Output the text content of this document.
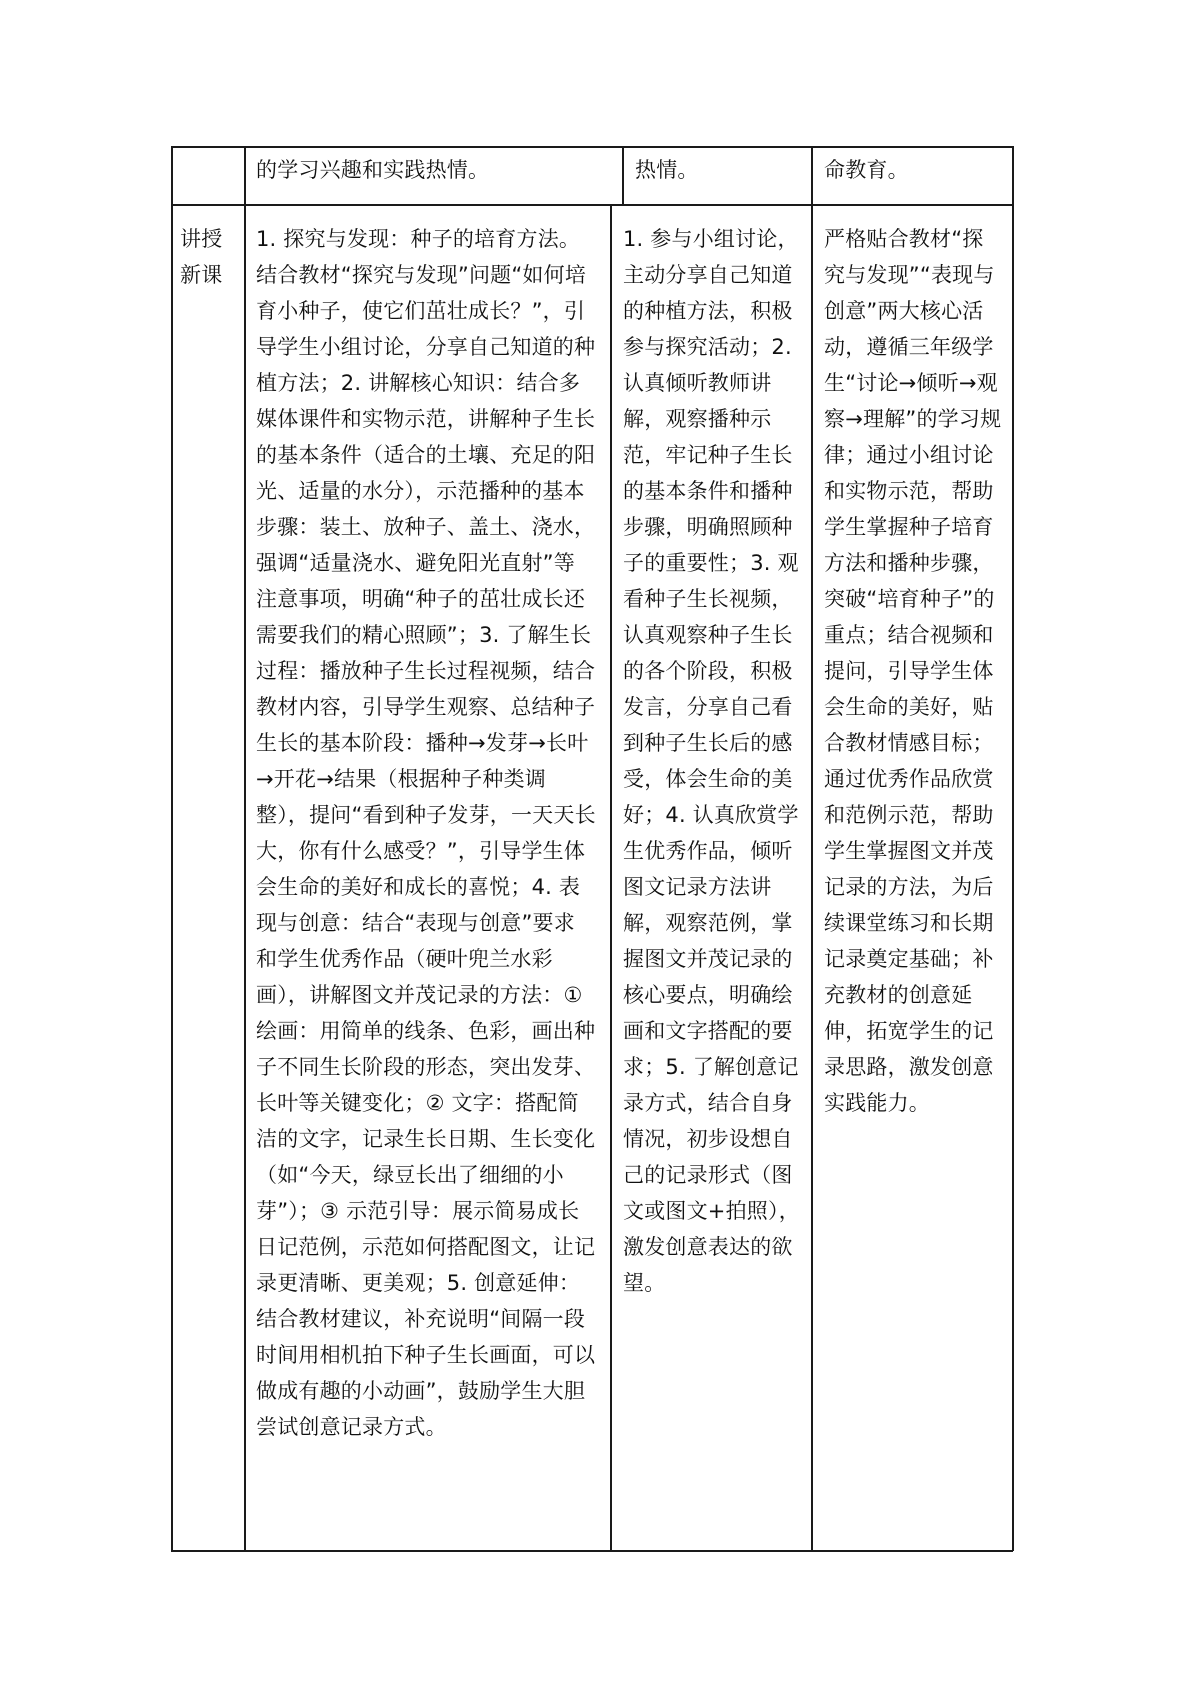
的学习兴趣和实践热情。	热情。	命教育。
讲授新课
1. 探究与发现：种子的培育方法。结合教材“探究与发现”问题“如何培育小种子，使它们茁壮成长？”，引导学生小组讨论，分享自己知道的种植方法；2. 讲解核心知识：结合多媒体课件和实物示范，讲解种子生长的基本条件（适合的土壤、充足的阳光、适量的水分），示范播种的基本步骤：装土、放种子、盖土、浇水，强调“适量浇水、避免阳光直射”等注意事项，明确“种子的茁壮成长还需要我们的精心照顾”；3. 了解生长过程：播放种子生长过程视频，结合教材内容，引导学生观察、总结种子生长的基本阶段：播种→发芽→长叶→开花→结果（根据种子种类调整），提问“看到种子发芽，一天天长大，你有什么感受？”，引导学生体会生命的美好和成长的喜悦；4. 表现与创意：结合“表现与创意”要求和学生优秀作品（硬叶兜兰水彩画），讲解图文并茂记录的方法：① 绘画：用简单的线条、色彩，画出种子不同生长阶段的形态，突出发芽、长叶等关键变化；② 文字：搭配简洁的文字，记录生长日期、生长变化（如“今天，绿豆长出了细细的小芽”）；③ 示范引导：展示简易成长日记范例，示范如何搭配图文，让记录更清晰、更美观；5. 创意延伸：结合教材建议，补充说明“间隔一段时间用相机拍下种子生长画面，可以做成有趣的小动画”，鼓励学生大胆尝试创意记录方式。
1. 参与小组讨论，主动分享自己知道的种植方法，积极参与探究活动；2. 认真倾听教师讲解，观察播种示范，牢记种子生长的基本条件和播种步骤，明确照顾种子的重要性；3. 观看种子生长视频，认真观察种子生长的各个阶段，积极发言，分享自己看到种子生长后的感受，体会生命的美好；4. 认真欣赏学生优秀作品，倾听图文记录方法讲解，观察范例，掌握图文并茂记录的核心要点，明确绘画和文字搭配的要求；5. 了解创意记录方式，结合自身情况，初步设想自己的记录形式（图文或图文+拍照），激发创意表达的欲望。
严格贴合教材“探究与发现”“表现与创意”两大核心活动，遵循三年级学生“讨论→倾听→观察→理解”的学习规律；通过小组讨论和实物示范，帮助学生掌握种子培育方法和播种步骤，突破“培育种子”的重点；结合视频和提问，引导学生体会生命的美好，贴合教材情感目标；通过优秀作品欣赏和范例示范，帮助学生掌握图文并茂记录的方法，为后续课堂练习和长期记录奠定基础；补充教材的创意延伸，拓宽学生的记录思路，激发创意实践能力。
